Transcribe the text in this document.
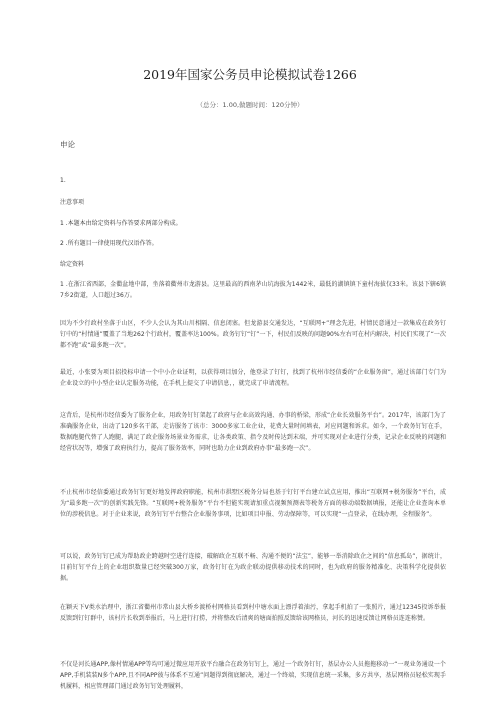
2019年国家公务员申论模拟试卷1266
（总分：1.00,做题时间：120分钟）
申论
1.
注意事项
1 .本题本由给定资料与作答要求两部分构成。
2 .所有题目一律使用现代汉语作答。
给定资料

1 .在浙江省西部，金衢盆地中部，坐落着衢州市龙游县。这里最高的西南茅山坑海拔为1442米，最低的湖镇镇下童村海拔仅33米。该县下辖6镇7乡2街道，人口超过36万。

因为不少行政村坐落于山区，不少人会认为其山川相隔、信息闭塞。但龙游县交通发达，“互联网+”理念先进，村情民意通过一款集成在政务钉钉中的“村情通”覆盖了当地262个行政村，覆盖率达100%。政务钉钉“钉”一下，村民们反映的问题90%左右可在村内解决，村民们实现了“一次都不跑”或“最多跑一次”。

最近，小张要为项目招投标申请一个中小企业证明，以获得项目加分，他登录了钉钉，找到了杭州市经信委的“企业服务窗”，通过该部门专门为企业设立的中小型企业认定服务功能，在手机上提交了申请信息，，就完成了申请流程。

这背后，是杭州市经信委为了服务企业，用政务钉钉架起了政府与企业高效沟通、办事的桥梁，形成“企业长效服务平台”。2017年，该部门为了准确服务企业，出动了120多名干部，走访服务了该市：3000多家工业企业，花费大量时间填表，对应问题和诉求。如今，一个政务钉钉在手，数据跑腿代替了人跑腿，满足了政企服务场景业务需求，让各类政策、指令及时传达到末端，并可实现对企业进行分类，记录企业反映的问题和经营状况等，增强了政府执行力，提高了服务效率，同时也助力企业到政府办事“最多跑一次”。

不止杭州市经信委通过政务钉钉更好地发挥政府职能，杭州市拱墅区税务分局也基于钉钉平台建立试点应用，推出“互联网+税务服务”平台，成为“最多跑一次”的创新实践先锋。“互联网+税务服务”平台不但能实现请加重点视频预测表等税务方面的移动端数据填报，还能让企业查询本单位的涉税信息。对于企业来说，政务钉钉平台整合企业服务事项，比如项目申报、劳动保障等，可以实现“一点登录，在线办理，全程服务”。

可以说，政务钉钉已成为帮助政企跨越时空进行连接，破解政企互联不畅、沟通不便的“法宝”，能够一举消除政企之间的“信息孤岛”，据统计，目前钉钉平台上的企业组织数量已经突破300万家，政务钉钉在为政企联动提供移动技术的同时，也为政府的服务精准化、决策科学化提供依据。

在颖天下V类水治理中，浙江省衢州市常山县大桥乡渡桥村网格员看到村中塘水面上漂浮着油污，拿起手机拍了一张照片，通过12345投诉举报反馈到钉钉群中，该村片长收到举报后，马上进行打捞，并将整改后清爽的塘面拍照反馈给该网格员，河长的迅速反馈让网格员连连称赞。

不仅是河长通APP,像村情通APP等均可通过微应用开放平台融合在政务钉钉上，通过一个政务钉钉，基层办公人员拖拖移动一“一观业务通设一个APP,手机装装N多个APP,且不同APP彼与体系不互通”问题得到彻底解决，通过一个终端，实现信息统一采集，多方共享，基层网格员轻松实现手机履料，相应管理部门通过政务钉钉处理履料，
